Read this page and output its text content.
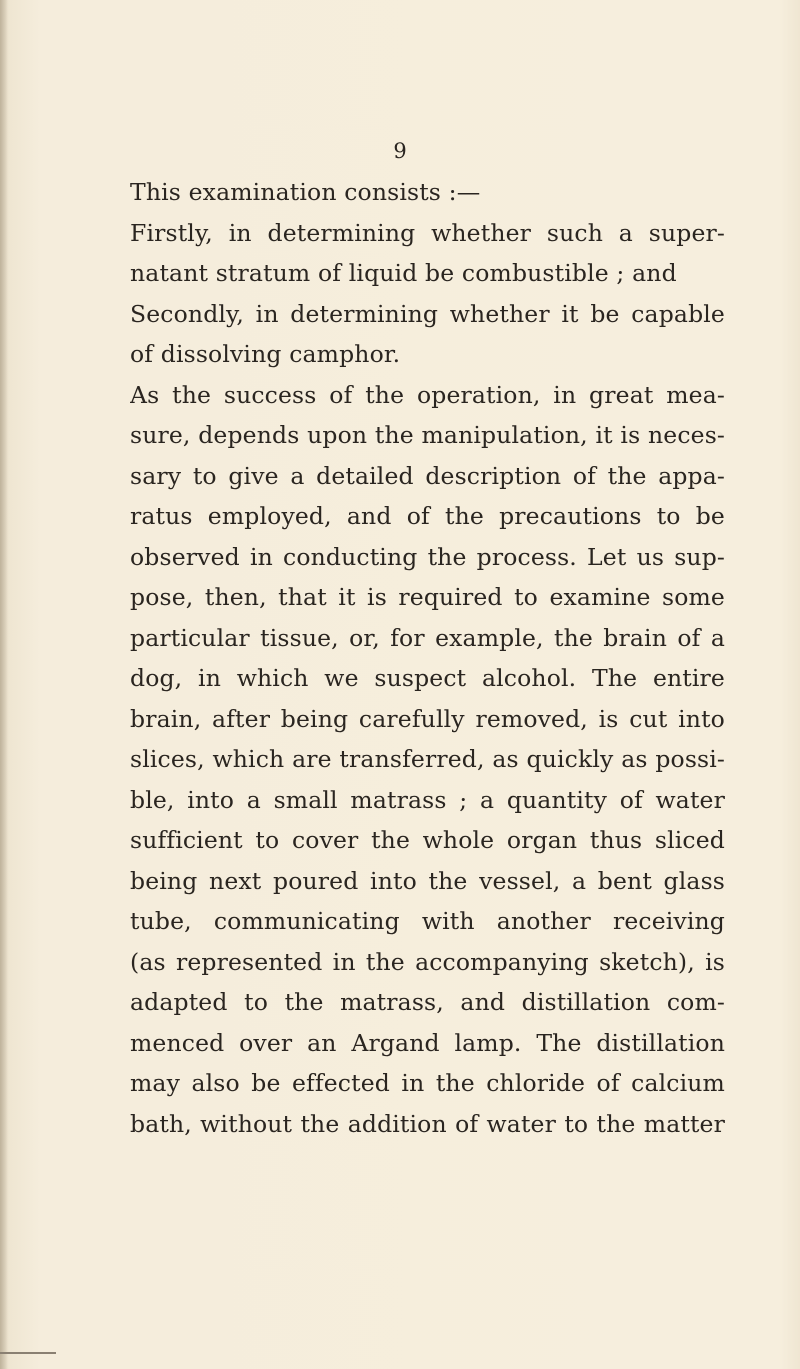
9
This examination consists :—
Firstly, in determining whether such a super-
natant stratum of liquid be combustible ; and
Secondly, in determining whether it be capable
of dissolving camphor.
As the success of the operation, in great mea-
sure, depends upon the manipulation, it is neces-
sary to give a detailed description of the appa-
ratus employed, and of the precautions to be
observed in conducting the process. Let us sup-
pose, then, that it is required to examine some
particular tissue, or, for example, the brain of a
dog, in which we suspect alcohol. The entire
brain, after being carefully removed, is cut into
slices, which are transferred, as quickly as possi-
ble, into a small matrass ; a quantity of water
sufficient to cover the whole organ thus sliced
being next poured into the vessel, a bent glass
tube, communicating with another receiving
(as represented in the accompanying sketch), is
adapted to the matrass, and distillation com-
menced over an Argand lamp. The distillation
may also be effected in the chloride of calcium
bath, without the addition of water to the matter
